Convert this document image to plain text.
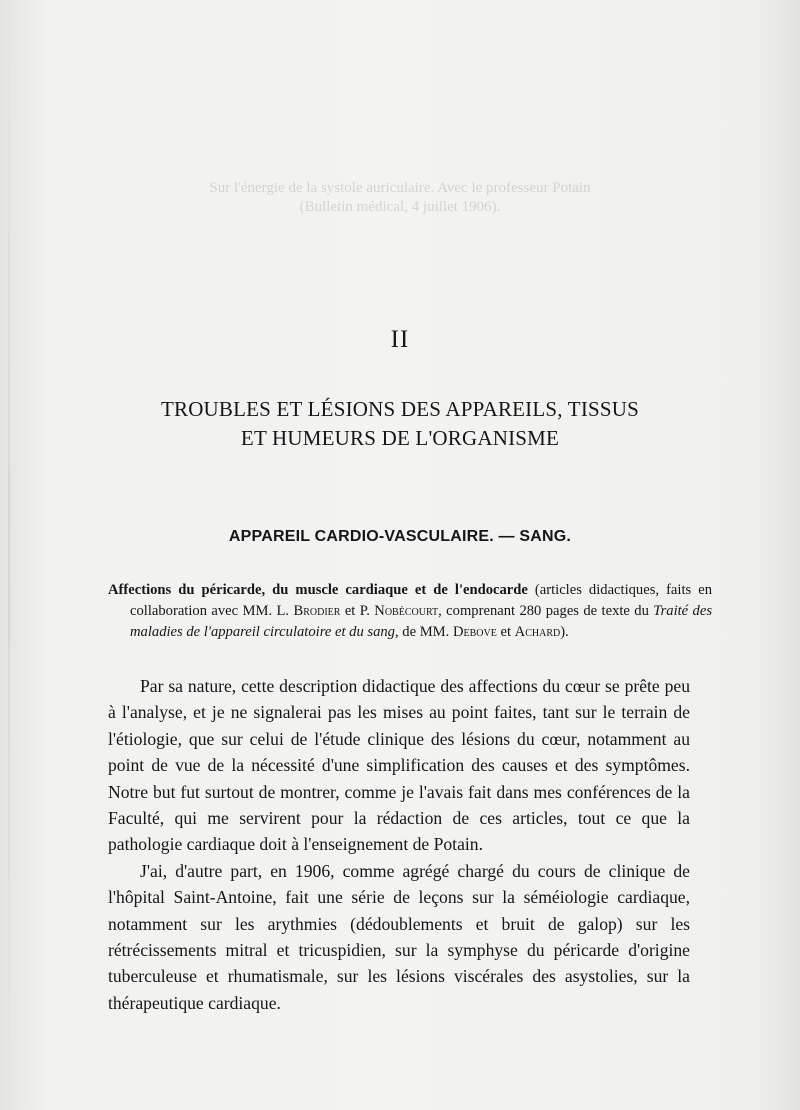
Sur l'énergie de la systole auriculaire. Avec le professeur Potain
(Bulletin médical, 4 juillet 1906).
II
TROUBLES ET LÉSIONS DES APPAREILS, TISSUS
ET HUMEURS DE L'ORGANISME
APPAREIL CARDIO-VASCULAIRE. — SANG.
Affections du péricarde, du muscle cardiaque et de l'endocarde (articles didactiques, faits en collaboration avec MM. L. Brodier et P. Nobécourt, comprenant 280 pages de texte du Traité des maladies de l'appareil circulatoire et du sang, de MM. Debove et Achard).

Par sa nature, cette description didactique des affections du cœur se prête peu à l'analyse, et je ne signalerai pas les mises au point faites, tant sur le terrain de l'étiologie, que sur celui de l'étude clinique des lésions du cœur, notamment au point de vue de la nécessité d'une simplification des causes et des symptômes. Notre but fut surtout de montrer, comme je l'avais fait dans mes conférences de la Faculté, qui me servirent pour la rédaction de ces articles, tout ce que la pathologie cardiaque doit à l'enseignement de Potain.

J'ai, d'autre part, en 1906, comme agrégé chargé du cours de clinique de l'hôpital Saint-Antoine, fait une série de leçons sur la séméiologie cardiaque, notamment sur les arythmies (dédoublements et bruit de galop) sur les rétrécissements mitral et tricuspidien, sur la symphyse du péricarde d'origine tuberculeuse et rhumatismale, sur les lésions viscérales des asystolies, sur la thérapeutique cardiaque.
